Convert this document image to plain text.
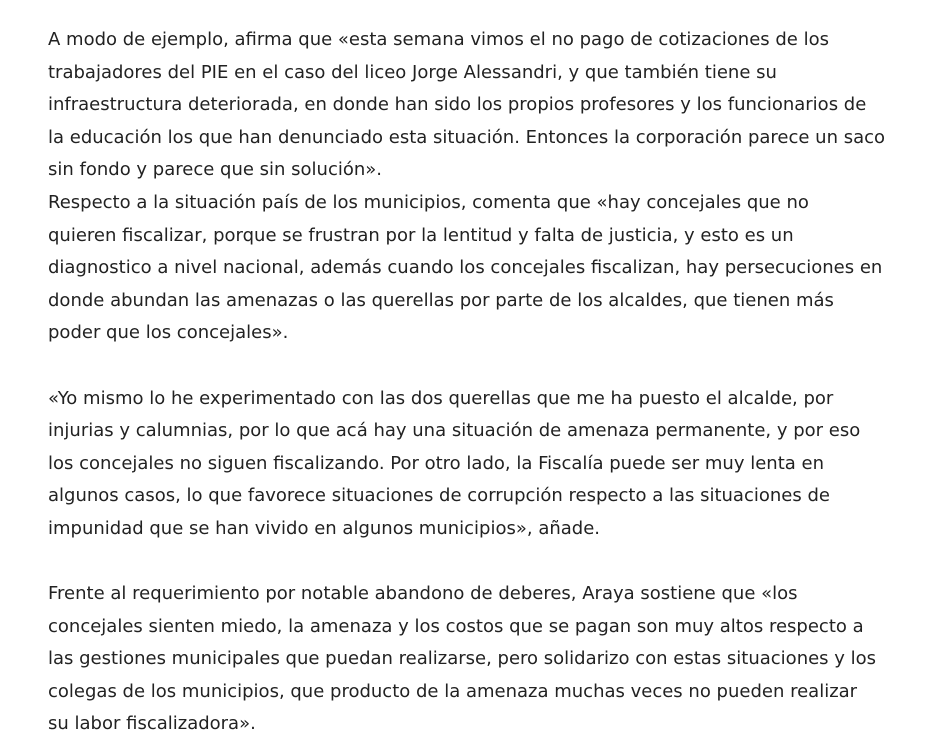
A modo de ejemplo, afirma que «esta semana vimos el no pago de cotizaciones de los
trabajadores del PIE en el caso del liceo Jorge Alessandri, y que también tiene su
infraestructura deteriorada, en donde han sido los propios profesores y los funcionarios de
la educación los que han denunciado esta situación. Entonces la corporación parece un saco
sin fondo y parece que sin solución».

Respecto a la situación país de los municipios, comenta que «hay concejales que no
quieren fiscalizar, porque se frustran por la lentitud y falta de justicia, y esto es un
diagnostico a nivel nacional, además cuando los concejales fiscalizan, hay persecuciones en
donde abundan las amenazas o las querellas por parte de los alcaldes, que tienen más
poder que los concejales».

«Yo mismo lo he experimentado con las dos querellas que me ha puesto el alcalde, por
injurias y calumnias, por lo que acá hay una situación de amenaza permanente, y por eso
los concejales no siguen fiscalizando. Por otro lado, la Fiscalía puede ser muy lenta en
algunos casos, lo que favorece situaciones de corrupción respecto a las situaciones de
impunidad que se han vivido en algunos municipios», añade.

Frente al requerimiento por notable abandono de deberes, Araya sostiene que «los
concejales sienten miedo, la amenaza y los costos que se pagan son muy altos respecto a
las gestiones municipales que puedan realizarse, pero solidarizo con estas situaciones y los
colegas de los municipios, que producto de la amenaza muchas veces no pueden realizar
su labor fiscalizadora».
